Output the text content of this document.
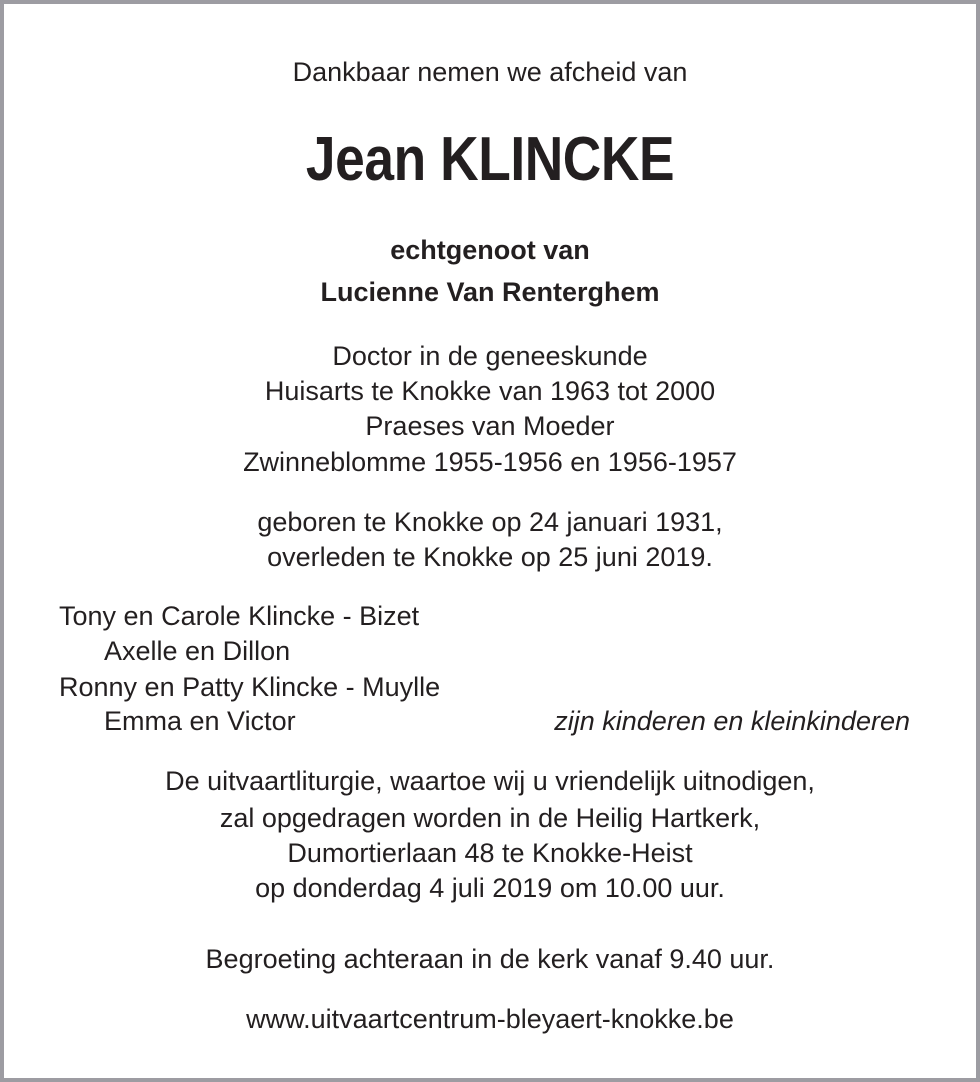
Dankbaar nemen we afcheid van
Jean KLINCKE
echtgenoot van
Lucienne Van Renterghem
Doctor in de geneeskunde
Huisarts te Knokke van 1963 tot 2000
Praeses van Moeder
Zwinneblomme 1955-1956 en 1956-1957
geboren te Knokke op 24 januari 1931,
overleden te Knokke op 25 juni 2019.
Tony en Carole Klincke - Bizet
Axelle en Dillon
Ronny en Patty Klincke - Muylle
Emma en Victor	zijn kinderen en kleinkinderen
De uitvaartliturgie, waartoe wij u vriendelijk uitnodigen,
zal opgedragen worden in de Heilig Hartkerk,
Dumortierlaan 48 te Knokke-Heist
op donderdag 4 juli 2019 om 10.00 uur.
Begroeting achteraan in de kerk vanaf 9.40 uur.
www.uitvaartcentrum-bleyaert-knokke.be
